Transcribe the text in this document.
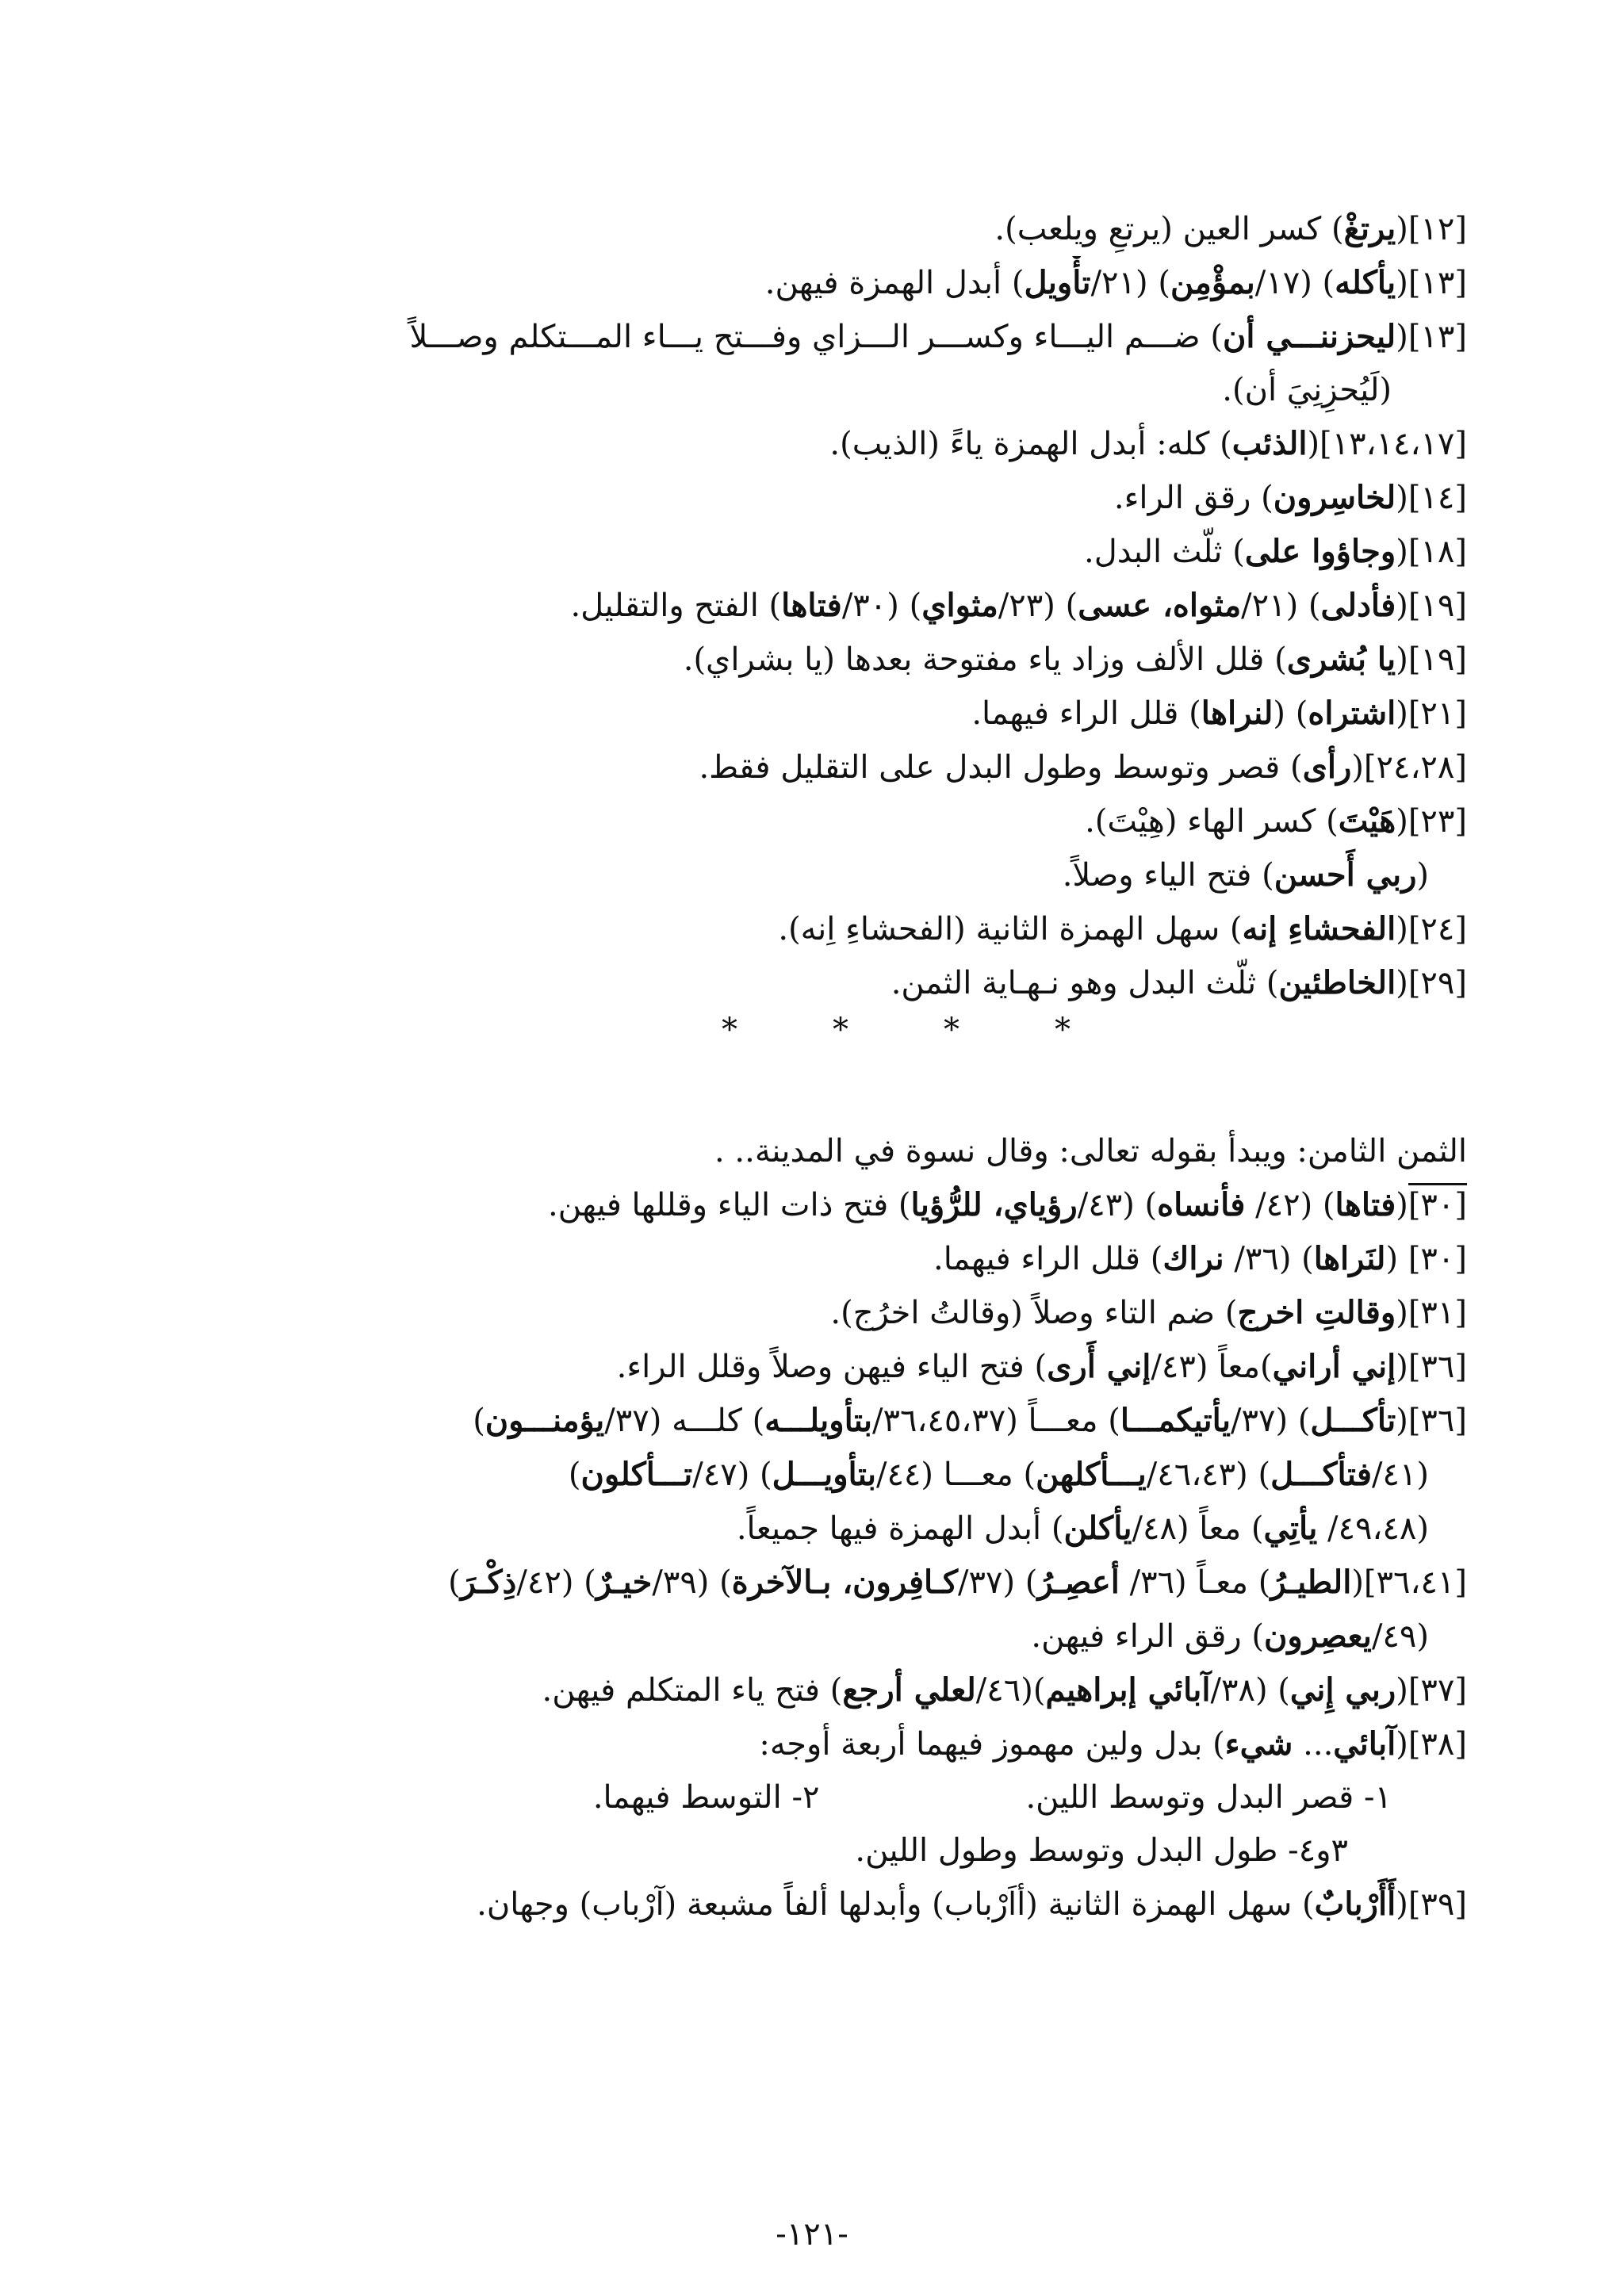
[١٢](يرتغْ) كسر العين (يرتعِ ويلعب).

[١٣](يأكله) (١٧/بمؤْمِن) (٢١/تأْويل) أبدل الهمزة فيهن.

[١٣](ليحزننـــي أن) ضـــم اليـــاء وكســـر الـــزاي وفـــتح يـــاء المـــتكلم وصـــلاً

(لَيُحزِنِيَ أن).

[١٣،١٤،١٧](الذئب) كله: أبدل الهمزة ياءً (الذيب).

[١٤](لخاسِرون) رقق الراء.

[١٨](وجاؤوا على) ثلّث البدل.

[١٩](فأدلى) (٢١/مثواه، عسى) (٢٣/مثواي) (٣٠/فتاها) الفتح والتقليل.

[١٩](يا بُشرى) قلل الألف وزاد ياء مفتوحة بعدها (يا بشراي).

[٢١](اشتراه) (لنراها) قلل الراء فيهما.

[٢٤،٢٨](رأى) قصر وتوسط وطول البدل على التقليل فقط.

[٢٣](هَيْتَ) كسر الهاء (هِيْتَ).

(ربي أَحسن) فتح الياء وصلاً.

[٢٤](الفحشاءِ إنه) سهل الهمزة الثانية (الفحشاءِ اِنه).

[٢٩](الخاطئين) ثلّث البدل وهو نـهـاية الثمن.

*	*	*	*

الثمن الثامن: ويبدأ بقوله تعالى: وقال نسوة في المدينة.. .

[٣٠](فتاها) (٤٢/ فأنساه) (٤٣/رؤياي، للرُّؤيا) فتح ذات الياء وقللها فيهن.

[٣٠] (لنَراها) (٣٦/ نراك) قلل الراء فيهما.

[٣١](وقالتِ اخرج) ضم التاء وصلاً (وقالتُ اخرُج).

[٣٦](إني أراني)معاً (٤٣/إني أَرى) فتح الياء فيهن وصلاً وقلل الراء.

[٣٦](تأكـــل) (٣٧/يأتيكمـــا) معـــاً (٣٦،٤٥،٣٧/بتأويلـــه) كلـــه (٣٧/يؤمنـــون)

(٤١/فتأكـــل) (٤٦،٤٣/يـــأكلهن) معـــا (٤٤/بتأويـــل) (٤٧/تـــأكلون)

(٤٩،٤٨/ يأتِي) معاً (٤٨/يأكلن) أبدل الهمزة فيها جميعاً.

[٣٦،٤١](الطيـرُ) معـاً (٣٦/ أعصِـرُ) (٣٧/كـافِرون، بـالآخرة) (٣٩/خيـرٌ) (٤٢/ذِكْـرَ)

(٤٩/يعصِرون) رقق الراء فيهن.

[٣٧](ربي إِني) (٣٨/آبائي إبراهيم)(٤٦/لعلي أرجع) فتح ياء المتكلم فيهن.

[٣٨](آبائي... شيء) بدل ولين مهموز فيهما أربعة أوجه:

١- قصر البدل وتوسط اللين.
٢- التوسط فيهما.

٣و٤- طول البدل وتوسط وطول اللين.

[٣٩](أَأَرْبابٌ) سهل الهمزة الثانية (أاَرْباب) وأبدلها ألفاً مشبعة (آرْباب) وجهان.

-١٢١-
